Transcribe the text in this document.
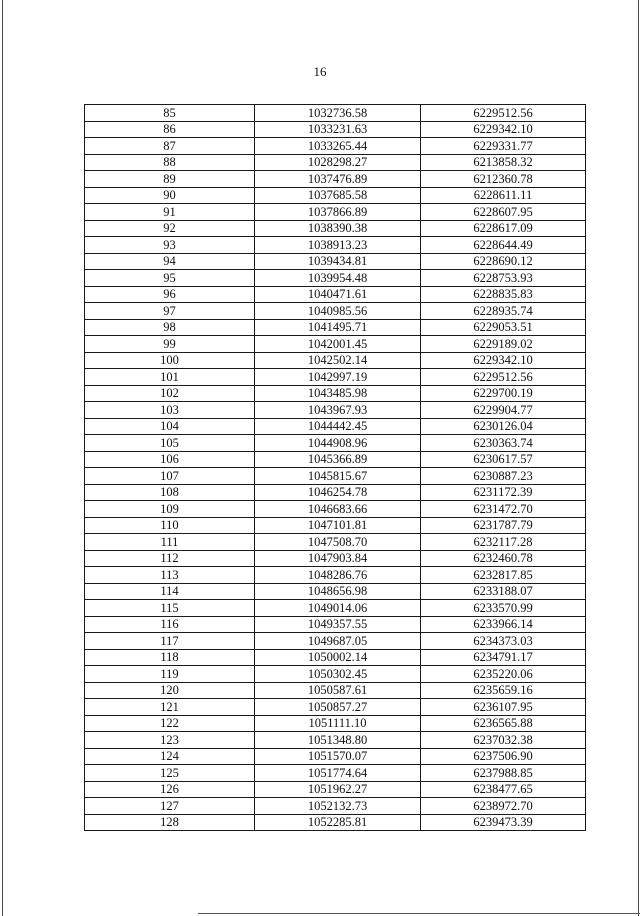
16
85	1032736.58	6229512.56
86	1033231.63	6229342.10
87	1033265.44	6229331.77
88	1028298.27	6213858.32
89	1037476.89	6212360.78
90	1037685.58	6228611.11
91	1037866.89	6228607.95
92	1038390.38	6228617.09
93	1038913.23	6228644.49
94	1039434.81	6228690.12
95	1039954.48	6228753.93
96	1040471.61	6228835.83
97	1040985.56	6228935.74
98	1041495.71	6229053.51
99	1042001.45	6229189.02
100	1042502.14	6229342.10
101	1042997.19	6229512.56
102	1043485.98	6229700.19
103	1043967.93	6229904.77
104	1044442.45	6230126.04
105	1044908.96	6230363.74
106	1045366.89	6230617.57
107	1045815.67	6230887.23
108	1046254.78	6231172.39
109	1046683.66	6231472.70
110	1047101.81	6231787.79
111	1047508.70	6232117.28
112	1047903.84	6232460.78
113	1048286.76	6232817.85
114	1048656.98	6233188.07
115	1049014.06	6233570.99
116	1049357.55	6233966.14
117	1049687.05	6234373.03
118	1050002.14	6234791.17
119	1050302.45	6235220.06
120	1050587.61	6235659.16
121	1050857.27	6236107.95
122	1051111.10	6236565.88
123	1051348.80	6237032.38
124	1051570.07	6237506.90
125	1051774.64	6237988.85
126	1051962.27	6238477.65
127	1052132.73	6238972.70
128	1052285.81	6239473.39
